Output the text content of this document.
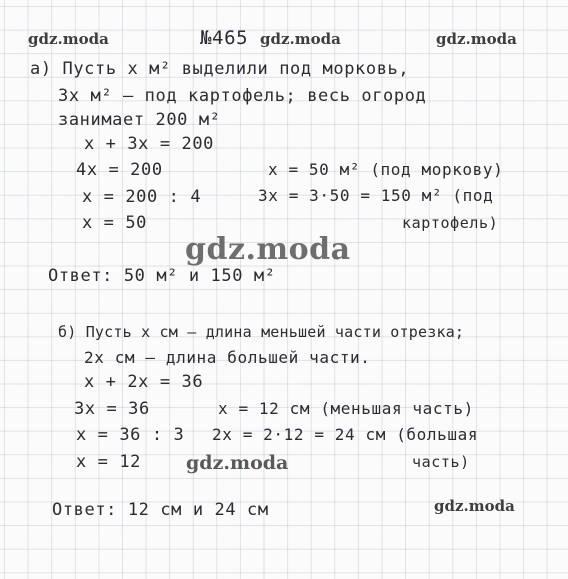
gdz.moda	gdz.moda	gdz.moda
gdz.moda
gdz.moda
gdz.moda
№465
а) Пусть x м² выделили под морковь,
3x м² — под картофель; весь огород
занимает 200 м²
x + 3x = 200
4x = 200
x = 200 : 4
x = 50
x = 50 м² (под моркову)
3x = 3·50 = 150 м² (под
картофель)
Ответ: 50 м² и 150 м²
б) Пусть x см – длина меньшей части отрезка;
2x см – длина большей части.
x + 2x = 36
3x = 36
x = 36 : 3
x = 12
x = 12 см (меньшая часть)
2x = 2·12 = 24 см (большая
часть)
Ответ: 12 см и 24 см
